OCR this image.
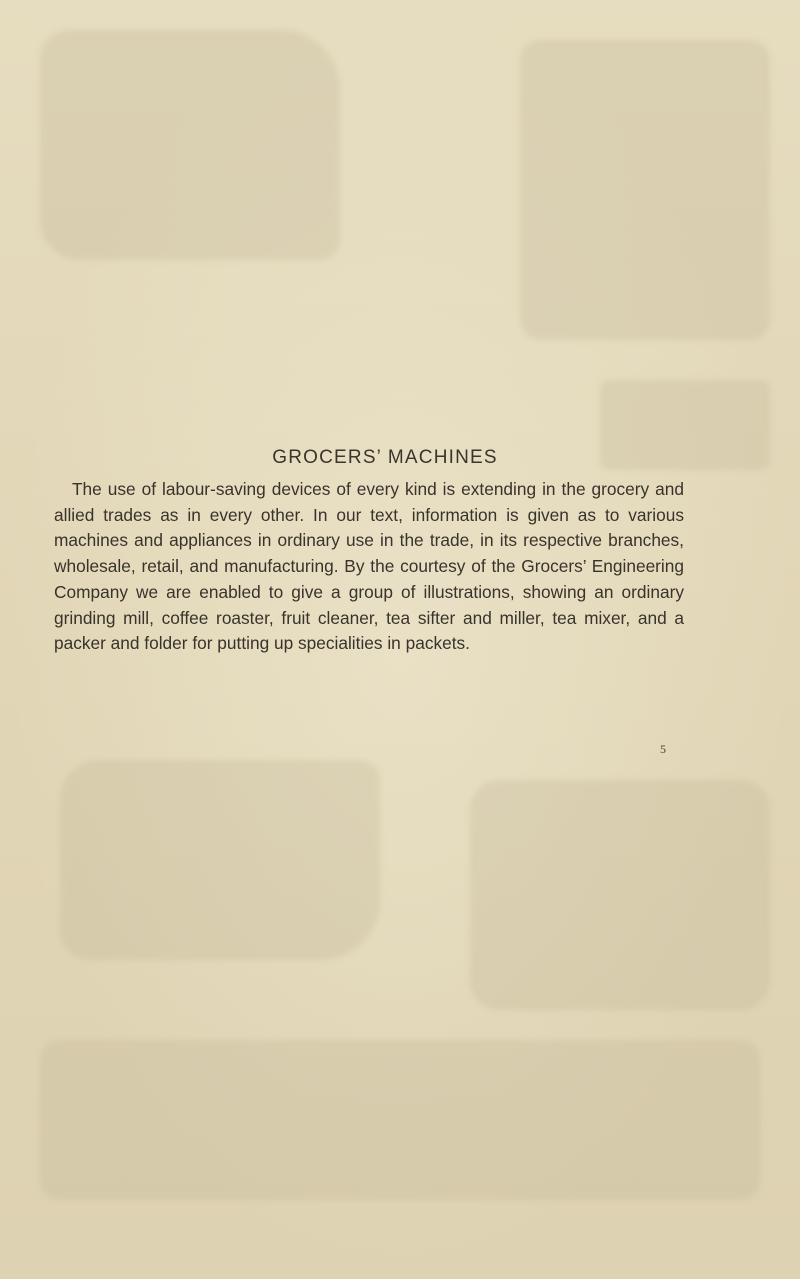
GROCERS’ MACHINES

The use of labour-saving devices of every kind is extending in the grocery and allied trades as in every other. In our text, information is given as to various machines and appliances in ordinary use in the trade, in its respective branches, wholesale, retail, and manufacturing. By the courtesy of the Grocers’ Engineering Company we are enabled to give a group of illustrations, showing an ordinary grinding mill, coffee roaster, fruit cleaner, tea sifter and miller, tea mixer, and a packer and folder for putting up specialities in packets.

5
